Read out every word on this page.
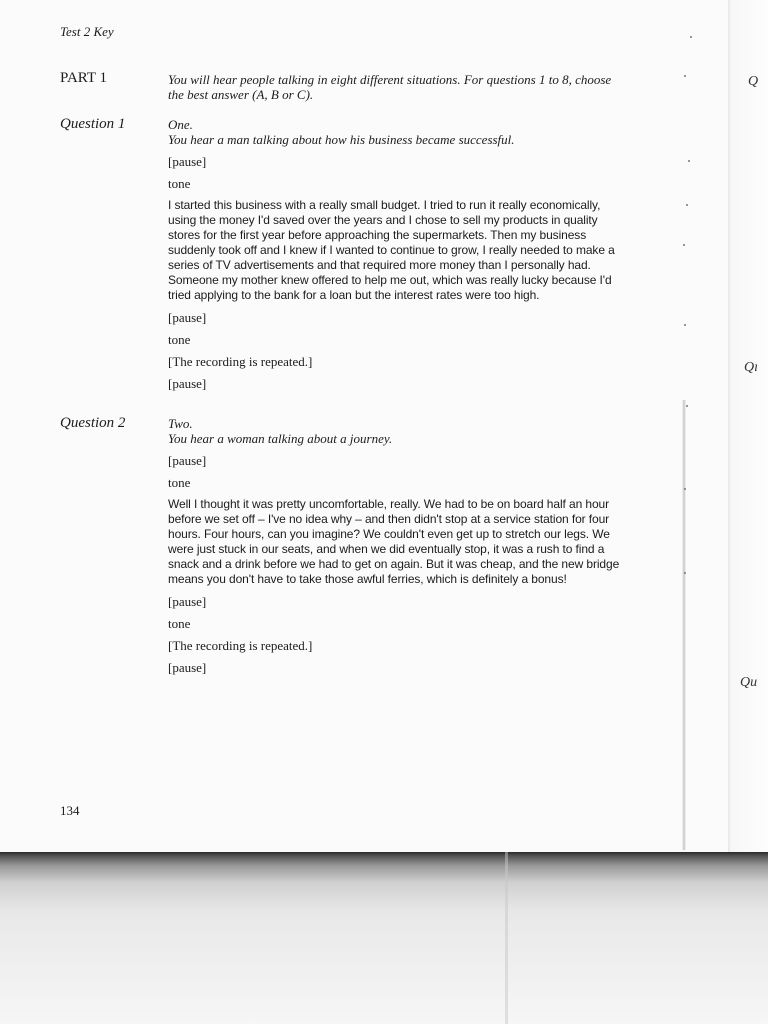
Q
Qı
Qu
Test 2 Key
PART 1	You will hear people talking in eight different situations. For questions 1 to 8, choose the best answer (A, B or C).
Question 1	One.
You hear a man talking about how his business became successful.
[pause]
tone
I started this business with a really small budget. I tried to run it really economically, using the money I'd saved over the years and I chose to sell my products in quality stores for the first year before approaching the supermarkets. Then my business suddenly took off and I knew if I wanted to continue to grow, I really needed to make a series of TV advertisements and that required more money than I personally had. Someone my mother knew offered to help me out, which was really lucky because I'd tried applying to the bank for a loan but the interest rates were too high.
[pause]
tone
[The recording is repeated.]
[pause]
Question 2	Two.
You hear a woman talking about a journey.
[pause]
tone
Well I thought it was pretty uncomfortable, really. We had to be on board half an hour before we set off – I've no idea why – and then didn't stop at a service station for four hours. Four hours, can you imagine? We couldn't even get up to stretch our legs. We were just stuck in our seats, and when we did eventually stop, it was a rush to find a snack and a drink before we had to get on again. But it was cheap, and the new bridge means you don't have to take those awful ferries, which is definitely a bonus!
[pause]
tone
[The recording is repeated.]
[pause]
134
